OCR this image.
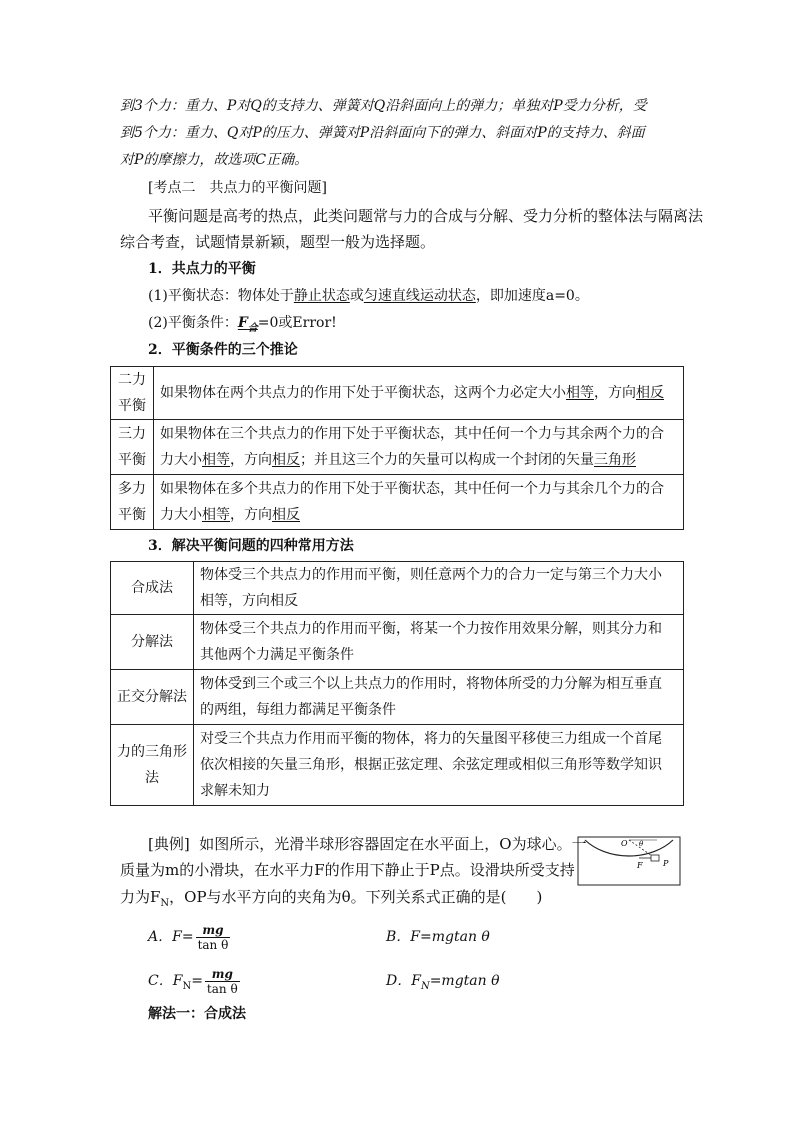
到3个力：重力、P对Q的支持力、弹簧对Q沿斜面向上的弹力；单独对P受力分析，受
到5个力：重力、Q对P的压力、弹簧对P沿斜面向下的弹力、斜面对P的支持力、斜面
对P的摩擦力，故选项C正确。
[考点二　共点力的平衡问题]
平衡问题是高考的热点，此类问题常与力的合成与分解、受力分析的整体法与隔离法
综合考查，试题情景新颖，题型一般为选择题。
1．共点力的平衡
(1)平衡状态：物体处于静止状态或匀速直线运动状态，即加速度a=0。
(2)平衡条件：$F_合=0$或Error!
2．平衡条件的三个推论
二力
平衡	如果物体在两个共点力的作用下处于平衡状态，这两个力必定大小相等，方向相反
三力
平衡	如果物体在三个共点力的作用下处于平衡状态，其中任何一个力与其余两个力的合
力大小相等，方向相反；并且这三个力的矢量可以构成一个封闭的矢量三角形
多力
平衡	如果物体在多个共点力的作用下处于平衡状态，其中任何一个力与其余几个力的合
力大小相等，方向相反
3．解决平衡问题的四种常用方法
合成法	物体受三个共点力的作用而平衡，则任意两个力的合力一定与第三个力大小
相等，方向相反
分解法	物体受三个共点力的作用而平衡，将某一个力按作用效果分解，则其分力和
其他两个力满足平衡条件
正交分解法	物体受到三个或三个以上共点力的作用时，将物体所受的力分解为相互垂直
的两组，每组力都满足平衡条件
力的三角形
法	对受三个共点力作用而平衡的物体，将力的矢量图平移使三力组成一个首尾
依次相接的矢量三角形，根据正弦定理、余弦定理或相似三角形等数学知识
求解未知力
[典例] 如图所示，光滑半球形容器固定在水平面上，O为球心。一
质量为m的小滑块，在水平力F的作用下静止于P点。设滑块所受支持
力为$F_N$，OP与水平方向的夹角为θ。下列关系式正确的是(　　)
O θ
F	P
A．$F= \frac{mg}{\text{tan θ}}$	B．F=mgtan θ
C．$F_N= \frac{mg}{\text{tan θ}}$	D．$F_N=mgtan$ θ
解法一：合成法
